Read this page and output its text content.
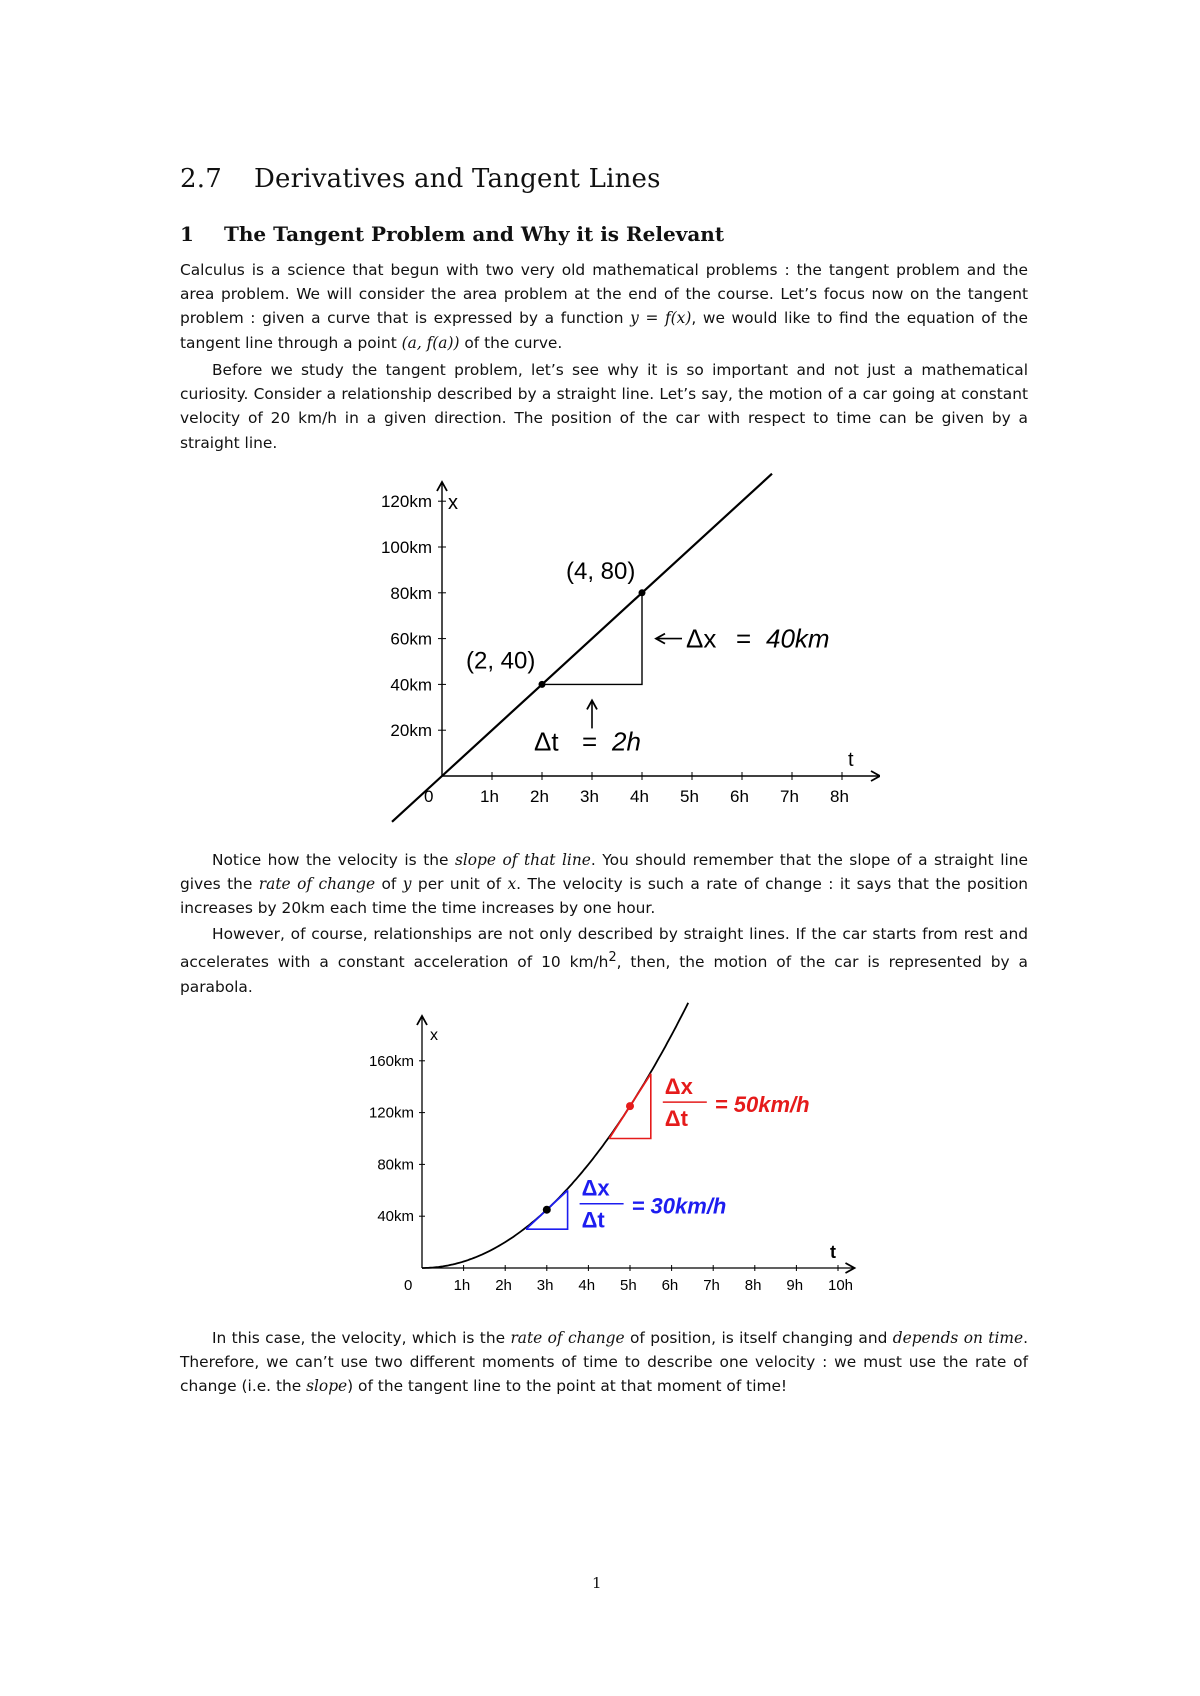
2.7 Derivatives and Tangent Lines
1 The Tangent Problem and Why it is Relevant

Calculus is a science that begun with two very old mathematical problems : the tangent problem and the area problem. We will consider the area problem at the end of the course. Let’s focus now on the tangent problem : given a curve that is expressed by a function y = f(x), we would like to find the equation of the tangent line through a point (a, f(a)) of the curve.

Before we study the tangent problem, let’s see why it is so important and not just a mathematical curiosity. Consider a relationship described by a straight line. Let’s say, the motion of a car going at constant velocity of 20 km/h in a given direction. The position of the car with respect to time can be given by a straight line.

0	1h 2h 3h 4h 5h 6h 7h 8h
20km
40km
60km
80km
100km
120km x
t
(2, 40)
(4, 80)
Δx = 40km
Δt = 2h

Notice how the velocity is the slope of that line. You should remember that the slope of a straight line gives the rate of change of y per unit of x. The velocity is such a rate of change : it says that the position increases by 20km each time the time increases by one hour.

However, of course, relationships are not only described by straight lines. If the car starts from rest and accelerates with a constant acceleration of 10 $km/h^2$, then, the motion of the car is represented by a parabola.

0	1h 2h 3h 4h 5h 6h 7h 8h 9h 10h
40km
80km
120km
160km
x
t
Δx
Δt
= 30km/h
Δx
Δt
= 50km/h

In this case, the velocity, which is the rate of change of position, is itself changing and depends on time. Therefore, we can’t use two different moments of time to describe one velocity : we must use the rate of change (i.e. the slope) of the tangent line to the point at that moment of time!

1
